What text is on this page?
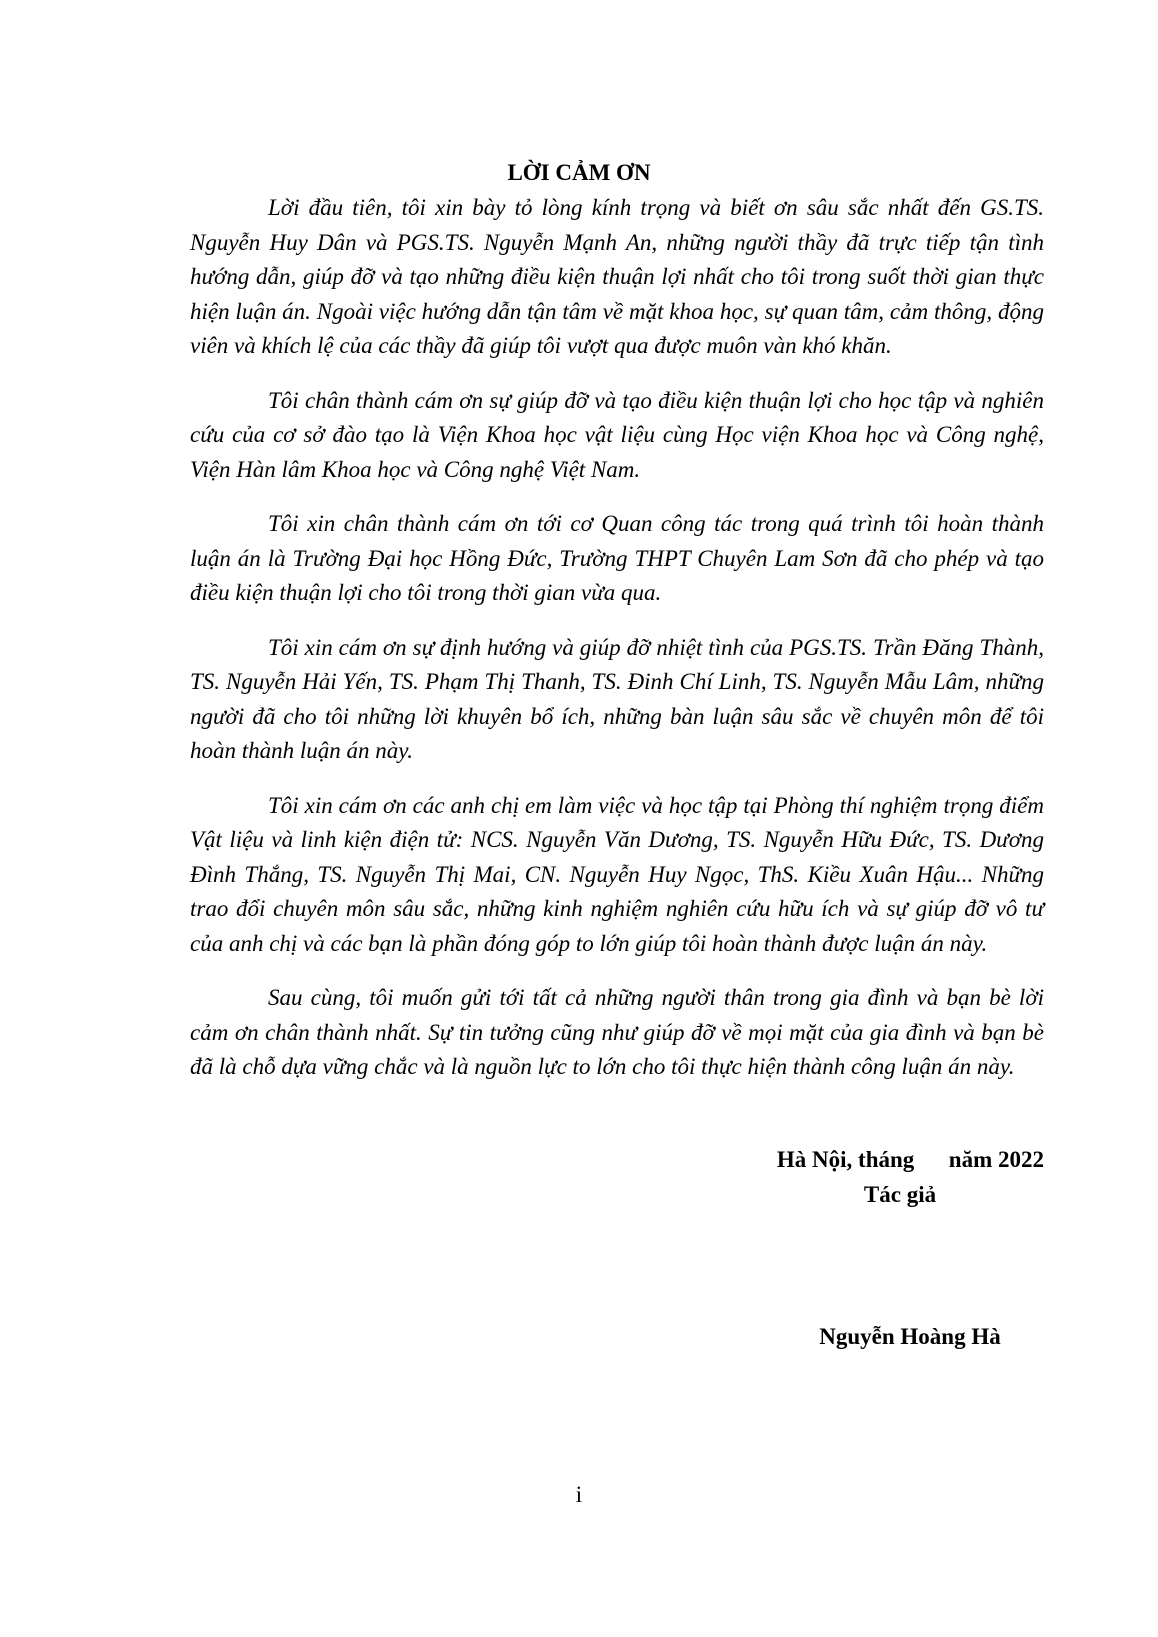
LỜI CẢM ƠN

Lời đầu tiên, tôi xin bày tỏ lòng kính trọng và biết ơn sâu sắc nhất đến GS.TS. Nguyễn Huy Dân và PGS.TS. Nguyễn Mạnh An, những người thầy đã trực tiếp tận tình hướng dẫn, giúp đỡ và tạo những điều kiện thuận lợi nhất cho tôi trong suốt thời gian thực hiện luận án. Ngoài việc hướng dẫn tận tâm về mặt khoa học, sự quan tâm, cảm thông, động viên và khích lệ của các thầy đã giúp tôi vượt qua được muôn vàn khó khăn.

Tôi chân thành cám ơn sự giúp đỡ và tạo điều kiện thuận lợi cho học tập và nghiên cứu của cơ sở đào tạo là Viện Khoa học vật liệu cùng Học viện Khoa học và Công nghệ, Viện Hàn lâm Khoa học và Công nghệ Việt Nam.

Tôi xin chân thành cám ơn tới cơ Quan công tác trong quá trình tôi hoàn thành luận án là Trường Đại học Hồng Đức, Trường THPT Chuyên Lam Sơn đã cho phép và tạo điều kiện thuận lợi cho tôi trong thời gian vừa qua.

Tôi xin cám ơn sự định hướng và giúp đỡ nhiệt tình của PGS.TS. Trần Đăng Thành, TS. Nguyễn Hải Yến, TS. Phạm Thị Thanh, TS. Đinh Chí Linh, TS. Nguyễn Mẫu Lâm, những người đã cho tôi những lời khuyên bổ ích, những bàn luận sâu sắc về chuyên môn để tôi hoàn thành luận án này.

Tôi xin cám ơn các anh chị em làm việc và học tập tại Phòng thí nghiệm trọng điểm Vật liệu và linh kiện điện tử: NCS. Nguyễn Văn Dương, TS. Nguyễn Hữu Đức, TS. Dương Đình Thắng, TS. Nguyễn Thị Mai, CN. Nguyễn Huy Ngọc, ThS. Kiều Xuân Hậu... Những trao đổi chuyên môn sâu sắc, những kinh nghiệm nghiên cứu hữu ích và sự giúp đỡ vô tư của anh chị và các bạn là phần đóng góp to lớn giúp tôi hoàn thành được luận án này.

Sau cùng, tôi muốn gửi tới tất cả những người thân trong gia đình và bạn bè lời cảm ơn chân thành nhất. Sự tin tưởng cũng như giúp đỡ về mọi mặt của gia đình và bạn bè đã là chỗ dựa vững chắc và là nguồn lực to lớn cho tôi thực hiện thành công luận án này.

Hà Nội, tháng      năm 2022

Tác giả

Nguyễn Hoàng Hà

i
